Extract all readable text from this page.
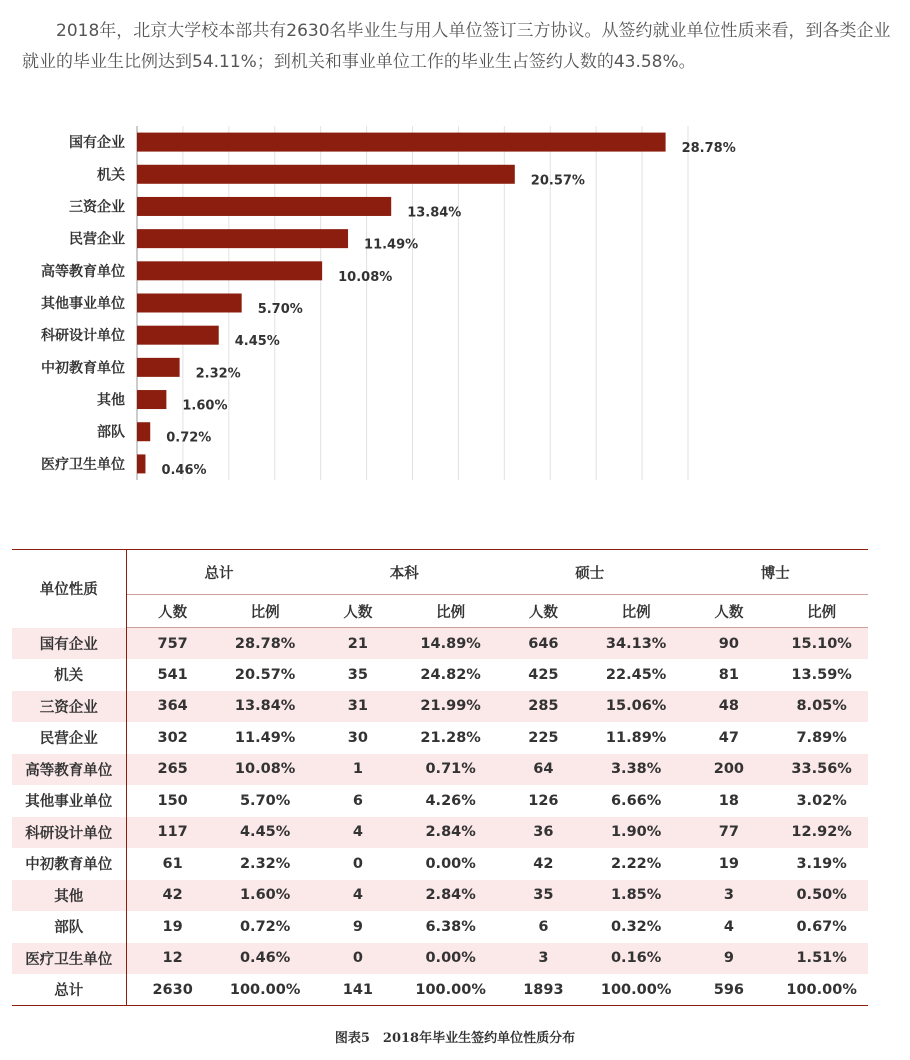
2018年，北京大学校本部共有2630名毕业生与用人单位签订三方协议。从签约就业单位性质来看，到各类企业就业的毕业生比例达到54.11%；到机关和事业单位工作的毕业生占签约人数的43.58%。

国有企业	28.78%
机关	20.57%
三资企业	13.84%
民营企业	11.49%
高等教育单位	10.08%
其他事业单位	5.70%
科研设计单位	4.45%
中初教育单位	2.32%
其他	1.60%
部队	0.72%
医疗卫生单位	0.46%
单位性质	总计		本科		硕士		博士	
	人数	比例	人数	比例	人数	比例	人数	比例
国有企业	757	28.78%	21	14.89%	646	34.13%	90	15.10%
机关	541	20.57%	35	24.82%	425	22.45%	81	13.59%
三资企业	364	13.84%	31	21.99%	285	15.06%	48	8.05%
民营企业	302	11.49%	30	21.28%	225	11.89%	47	7.89%
高等教育单位	265	10.08%	1	0.71%	64	3.38%	200	33.56%
其他事业单位	150	5.70%	6	4.26%	126	6.66%	18	3.02%
科研设计单位	117	4.45%	4	2.84%	36	1.90%	77	12.92%
中初教育单位	61	2.32%	0	0.00%	42	2.22%	19	3.19%
其他	42	1.60%	4	2.84%	35	1.85%	3	0.50%
部队	19	0.72%	9	6.38%	6	0.32%	4	0.67%
医疗卫生单位	12	0.46%	0	0.00%	3	0.16%	9	1.51%
总计	2630	100.00%	141	100.00%	1893	100.00%	596	100.00%
图表5　2018年毕业生签约单位性质分布
